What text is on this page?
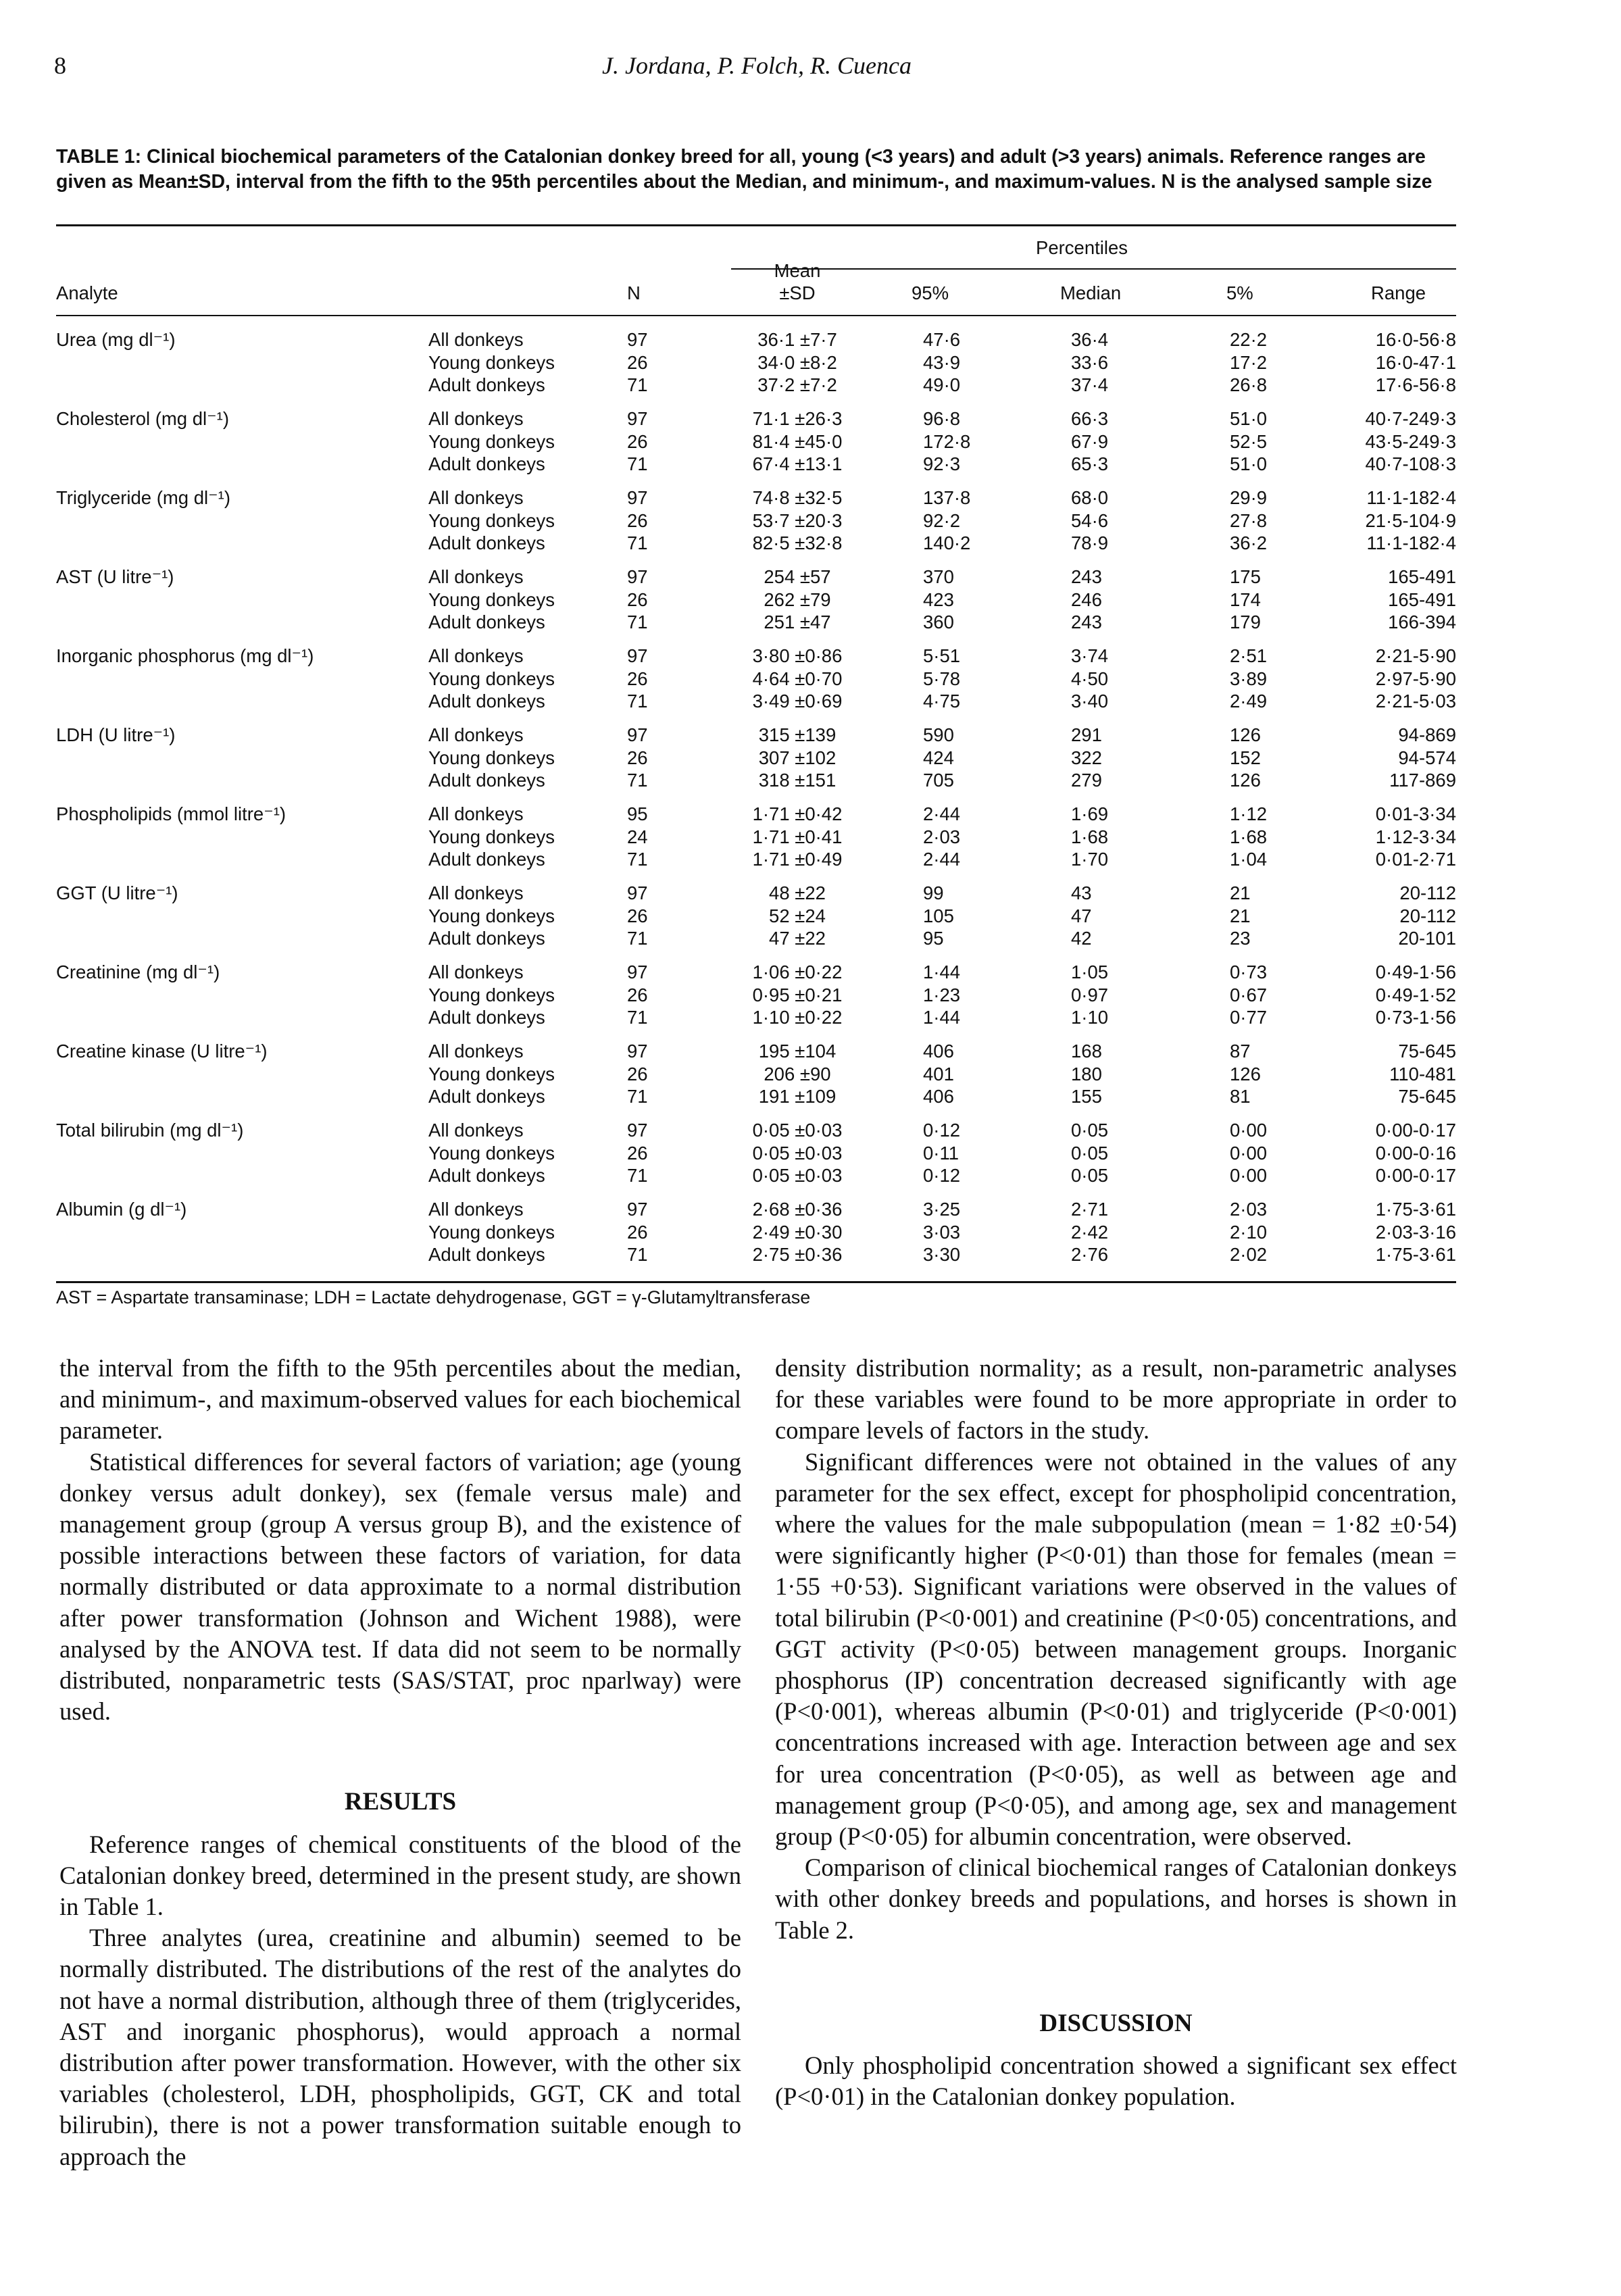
8	J. Jordana, P. Folch, R. Cuenca
TABLE 1: Clinical biochemical parameters of the Catalonian donkey breed for all, young (<3 years) and adult (>3 years) animals. Reference ranges are given as Mean±SD, interval from the fifth to the 95th percentiles about the Median, and minimum-, and maximum-values. N is the analysed sample size
Percentiles
Analyte	N
Mean
±SD	95%	Median	5%	Range
Urea (mg dl⁻¹)	All donkeys	97	36·1 ±7·7	47·6	36·4	22·2	16·0-56·8
Young donkeys	26	34·0 ±8·2	43·9	33·6	17·2	16·0-47·1
Adult donkeys	71	37·2 ±7·2	49·0	37·4	26·8	17·6-56·8
Cholesterol (mg dl⁻¹)	All donkeys	97	71·1 ±26·3	96·8	66·3	51·0	40·7-249·3
Young donkeys	26	81·4 ±45·0	172·8	67·9	52·5	43·5-249·3
Adult donkeys	71	67·4 ±13·1	92·3	65·3	51·0	40·7-108·3
Triglyceride (mg dl⁻¹)	All donkeys	97	74·8 ±32·5	137·8	68·0	29·9	11·1-182·4
Young donkeys	26	53·7 ±20·3	92·2	54·6	27·8	21·5-104·9
Adult donkeys	71	82·5 ±32·8	140·2	78·9	36·2	11·1-182·4
AST (U litre⁻¹)	All donkeys	97	254 ±57	370	243	175	165-491
Young donkeys	26	262 ±79	423	246	174	165-491
Adult donkeys	71	251 ±47	360	243	179	166-394
Inorganic phosphorus (mg dl⁻¹)	All donkeys	97	3·80 ±0·86	5·51	3·74	2·51	2·21-5·90
Young donkeys	26	4·64 ±0·70	5·78	4·50	3·89	2·97-5·90
Adult donkeys	71	3·49 ±0·69	4·75	3·40	2·49	2·21-5·03
LDH (U litre⁻¹)	All donkeys	97	315 ±139	590	291	126	94-869
Young donkeys	26	307 ±102	424	322	152	94-574
Adult donkeys	71	318 ±151	705	279	126	117-869
Phospholipids (mmol litre⁻¹)	All donkeys	95	1·71 ±0·42	2·44	1·69	1·12	0·01-3·34
Young donkeys	24	1·71 ±0·41	2·03	1·68	1·68	1·12-3·34
Adult donkeys	71	1·71 ±0·49	2·44	1·70	1·04	0·01-2·71
GGT (U litre⁻¹)	All donkeys	97	48 ±22	99	43	21	20-112
Young donkeys	26	52 ±24	105	47	21	20-112
Adult donkeys	71	47 ±22	95	42	23	20-101
Creatinine (mg dl⁻¹)	All donkeys	97	1·06 ±0·22	1·44	1·05	0·73	0·49-1·56
Young donkeys	26	0·95 ±0·21	1·23	0·97	0·67	0·49-1·52
Adult donkeys	71	1·10 ±0·22	1·44	1·10	0·77	0·73-1·56
Creatine kinase (U litre⁻¹)	All donkeys	97	195 ±104	406	168	87	75-645
Young donkeys	26	206 ±90	401	180	126	110-481
Adult donkeys	71	191 ±109	406	155	81	75-645
Total bilirubin (mg dl⁻¹)	All donkeys	97	0·05 ±0·03	0·12	0·05	0·00	0·00-0·17
Young donkeys	26	0·05 ±0·03	0·11	0·05	0·00	0·00-0·16
Adult donkeys	71	0·05 ±0·03	0·12	0·05	0·00	0·00-0·17
Albumin (g dl⁻¹)	All donkeys	97	2·68 ±0·36	3·25	2·71	2·03	1·75-3·61
Young donkeys	26	2·49 ±0·30	3·03	2·42	2·10	2·03-3·16
Adult donkeys	71	2·75 ±0·36	3·30	2·76	2·02	1·75-3·61
AST = Aspartate transaminase; LDH = Lactate dehydrogenase, GGT = γ-Glutamyltransferase

the interval from the fifth to the 95th percentiles about the median, and minimum-, and maximum-observed values for each biochemical parameter.

Statistical differences for several factors of variation; age (young donkey versus adult donkey), sex (female versus male) and management group (group A versus group B), and the existence of possible interactions between these factors of variation, for data normally distributed or data approximate to a normal distribution after power transformation (Johnson and Wichent 1988), were analysed by the ANOVA test. If data did not seem to be normally distributed, nonparametric tests (SAS/STAT, proc nparlway) were used.

RESULTS

Reference ranges of chemical constituents of the blood of the Catalonian donkey breed, determined in the present study, are shown in Table 1.

Three analytes (urea, creatinine and albumin) seemed to be normally distributed. The distributions of the rest of the analytes do not have a normal distribution, although three of them (triglycerides, AST and inorganic phosphorus), would approach a normal distribution after power transformation. However, with the other six variables (cholesterol, LDH, phospholipids, GGT, CK and total bilirubin), there is not a power transformation suitable enough to approach the

density distribution normality; as a result, non-parametric analyses for these variables were found to be more appropriate in order to compare levels of factors in the study.

Significant differences were not obtained in the values of any parameter for the sex effect, except for phospholipid concentration, where the values for the male subpopulation (mean = 1·82 ±0·54) were significantly higher (P<0·01) than those for females (mean = 1·55 +0·53). Significant variations were observed in the values of total bilirubin (P<0·001) and creatinine (P<0·05) concentrations, and GGT activity (P<0·05) between management groups. Inorganic phosphorus (IP) concentration decreased significantly with age (P<0·001), whereas albumin (P<0·01) and triglyceride (P<0·001) concentrations increased with age. Interaction between age and sex for urea concentration (P<0·05), as well as between age and management group (P<0·05), and among age, sex and management group (P<0·05) for albumin concentration, were observed.

Comparison of clinical biochemical ranges of Catalonian donkeys with other donkey breeds and populations, and horses is shown in Table 2.

DISCUSSION

Only phospholipid concentration showed a significant sex effect (P<0·01) in the Catalonian donkey population.
